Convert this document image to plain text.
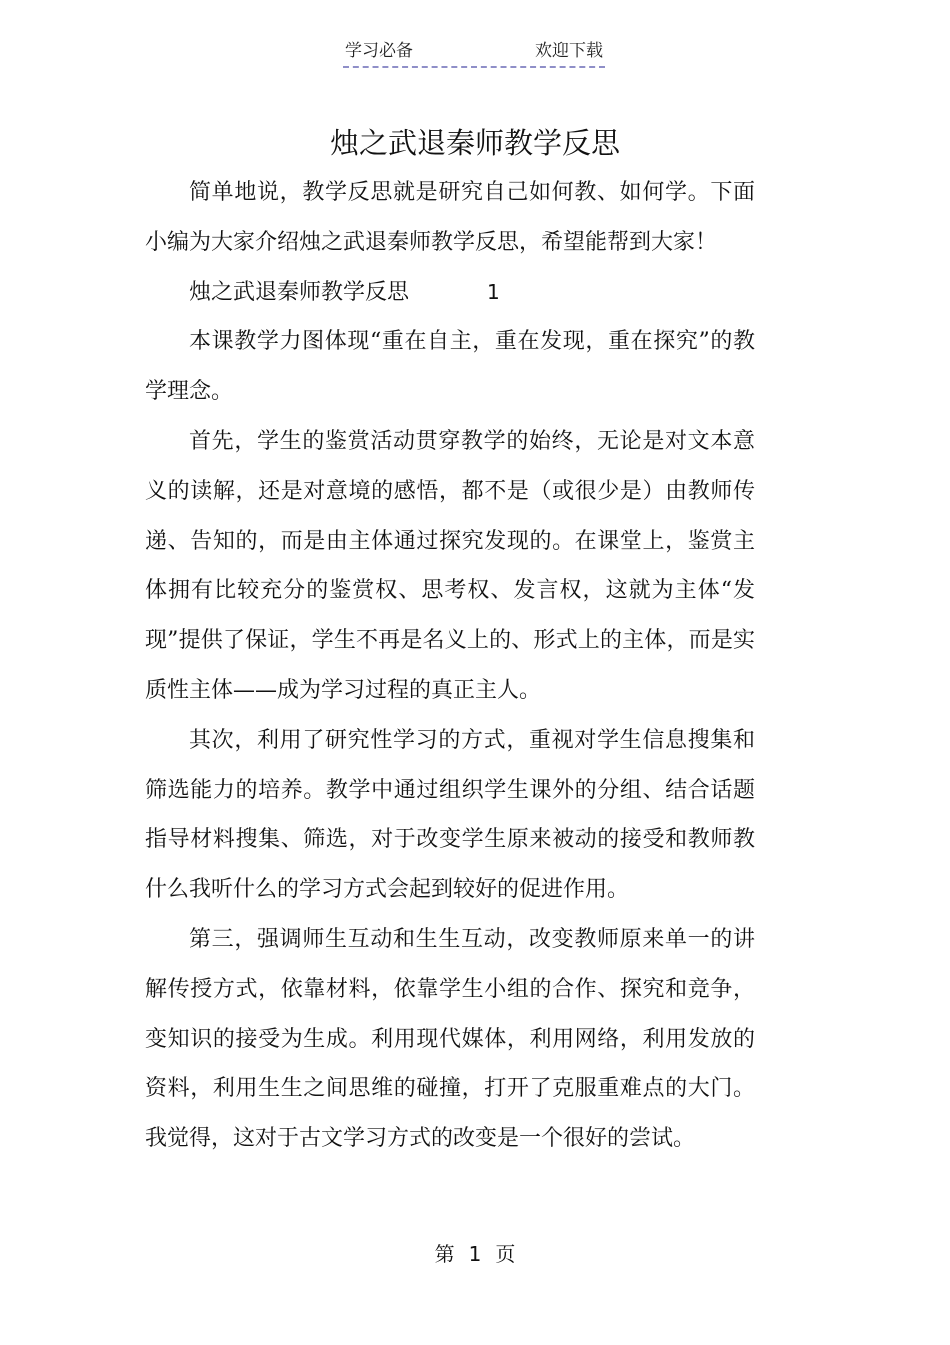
学习必备	欢迎下载
烛之武退秦师教学反思

简单地说，教学反思就是研究自己如何教、如何学。下面小编为大家介绍烛之武退秦师教学反思，希望能帮到大家！

烛之武退秦师教学反思	1

本课教学力图体现“重在自主，重在发现，重在探究”的教学理念。

首先，学生的鉴赏活动贯穿教学的始终，无论是对文本意义的读解，还是对意境的感悟，都不是（或很少是）由教师传递、告知的，而是由主体通过探究发现的。在课堂上，鉴赏主体拥有比较充分的鉴赏权、思考权、发言权，这就为主体“发现”提供了保证，学生不再是名义上的、形式上的主体，而是实质性主体——成为学习过程的真正主人。

其次，利用了研究性学习的方式，重视对学生信息搜集和筛选能力的培养。教学中通过组织学生课外的分组、结合话题指导材料搜集、筛选，对于改变学生原来被动的接受和教师教什么我听什么的学习方式会起到较好的促进作用。

第三，强调师生互动和生生互动，改变教师原来单一的讲解传授方式，依靠材料，依靠学生小组的合作、探究和竞争，变知识的接受为生成。利用现代媒体，利用网络，利用发放的资料，利用生生之间思维的碰撞，打开了克服重难点的大门。我觉得，这对于古文学习方式的改变是一个很好的尝试。

第 1 页
